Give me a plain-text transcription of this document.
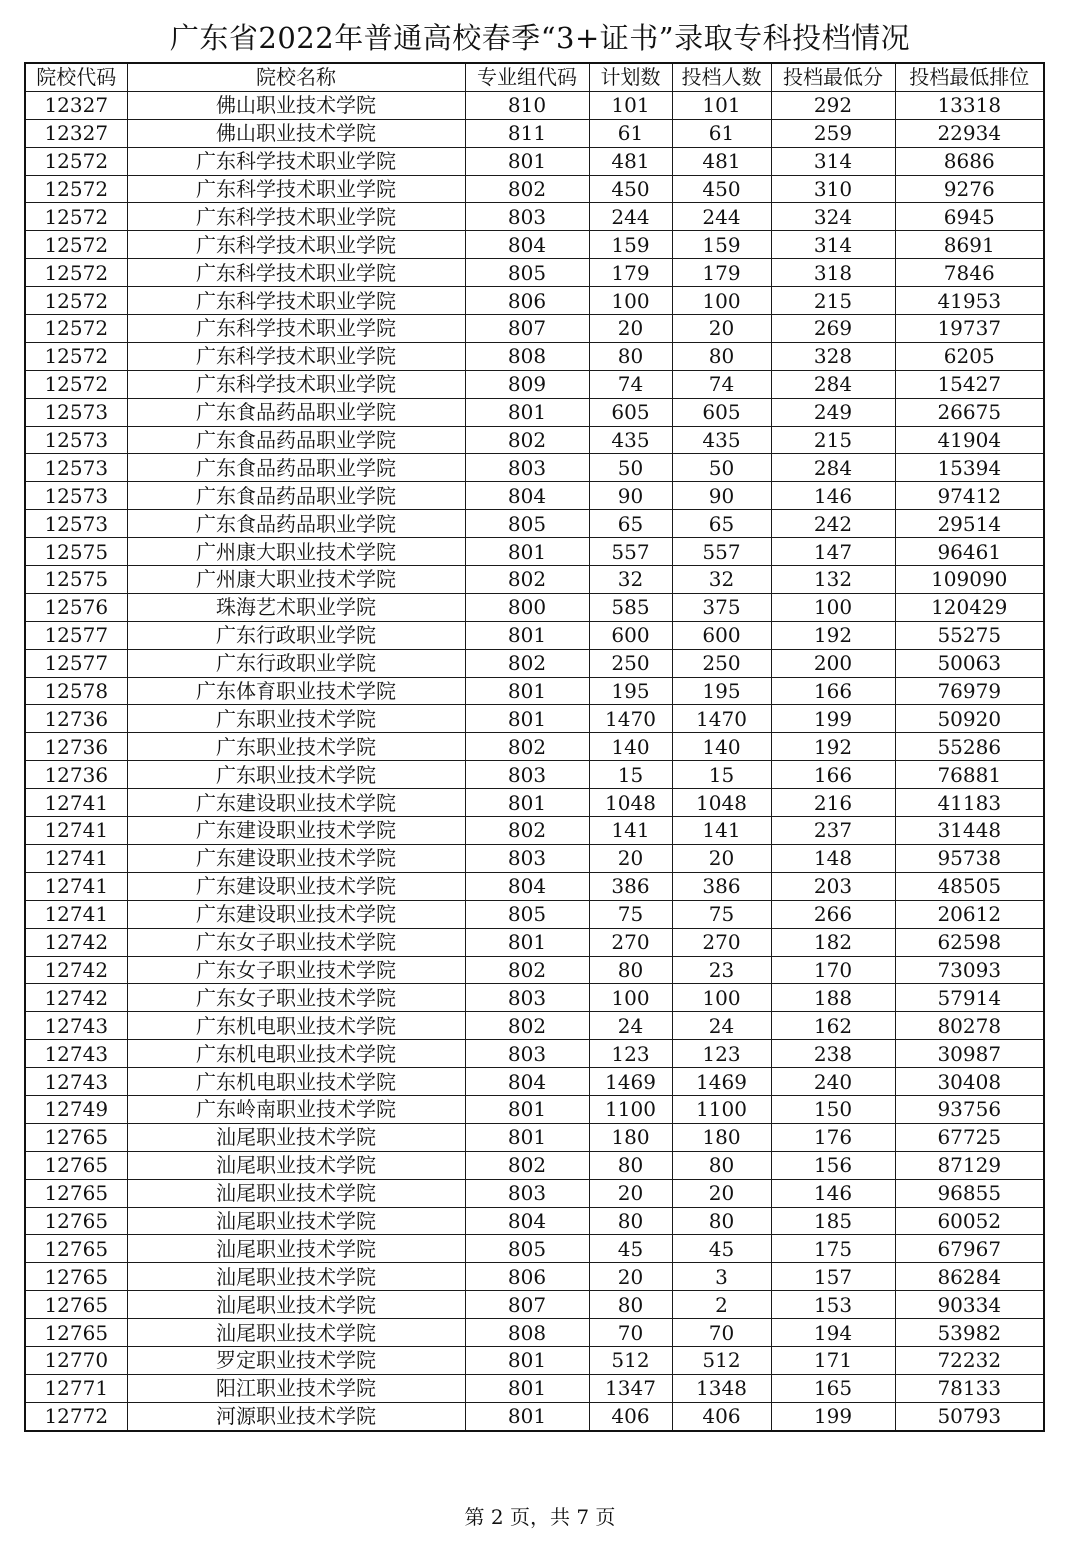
广东省2022年普通高校春季“3+证书”录取专科投档情况
院校代码	院校名称	专业组代码	计划数	投档人数	投档最低分	投档最低排位
12327	佛山职业技术学院	810	101	101	292	13318
12327	佛山职业技术学院	811	61	61	259	22934
12572	广东科学技术职业学院	801	481	481	314	8686
12572	广东科学技术职业学院	802	450	450	310	9276
12572	广东科学技术职业学院	803	244	244	324	6945
12572	广东科学技术职业学院	804	159	159	314	8691
12572	广东科学技术职业学院	805	179	179	318	7846
12572	广东科学技术职业学院	806	100	100	215	41953
12572	广东科学技术职业学院	807	20	20	269	19737
12572	广东科学技术职业学院	808	80	80	328	6205
12572	广东科学技术职业学院	809	74	74	284	15427
12573	广东食品药品职业学院	801	605	605	249	26675
12573	广东食品药品职业学院	802	435	435	215	41904
12573	广东食品药品职业学院	803	50	50	284	15394
12573	广东食品药品职业学院	804	90	90	146	97412
12573	广东食品药品职业学院	805	65	65	242	29514
12575	广州康大职业技术学院	801	557	557	147	96461
12575	广州康大职业技术学院	802	32	32	132	109090
12576	珠海艺术职业学院	800	585	375	100	120429
12577	广东行政职业学院	801	600	600	192	55275
12577	广东行政职业学院	802	250	250	200	50063
12578	广东体育职业技术学院	801	195	195	166	76979
12736	广东职业技术学院	801	1470	1470	199	50920
12736	广东职业技术学院	802	140	140	192	55286
12736	广东职业技术学院	803	15	15	166	76881
12741	广东建设职业技术学院	801	1048	1048	216	41183
12741	广东建设职业技术学院	802	141	141	237	31448
12741	广东建设职业技术学院	803	20	20	148	95738
12741	广东建设职业技术学院	804	386	386	203	48505
12741	广东建设职业技术学院	805	75	75	266	20612
12742	广东女子职业技术学院	801	270	270	182	62598
12742	广东女子职业技术学院	802	80	23	170	73093
12742	广东女子职业技术学院	803	100	100	188	57914
12743	广东机电职业技术学院	802	24	24	162	80278
12743	广东机电职业技术学院	803	123	123	238	30987
12743	广东机电职业技术学院	804	1469	1469	240	30408
12749	广东岭南职业技术学院	801	1100	1100	150	93756
12765	汕尾职业技术学院	801	180	180	176	67725
12765	汕尾职业技术学院	802	80	80	156	87129
12765	汕尾职业技术学院	803	20	20	146	96855
12765	汕尾职业技术学院	804	80	80	185	60052
12765	汕尾职业技术学院	805	45	45	175	67967
12765	汕尾职业技术学院	806	20	3	157	86284
12765	汕尾职业技术学院	807	80	2	153	90334
12765	汕尾职业技术学院	808	70	70	194	53982
12770	罗定职业技术学院	801	512	512	171	72232
12771	阳江职业技术学院	801	1347	1348	165	78133
12772	河源职业技术学院	801	406	406	199	50793
第 2 页，共 7 页
